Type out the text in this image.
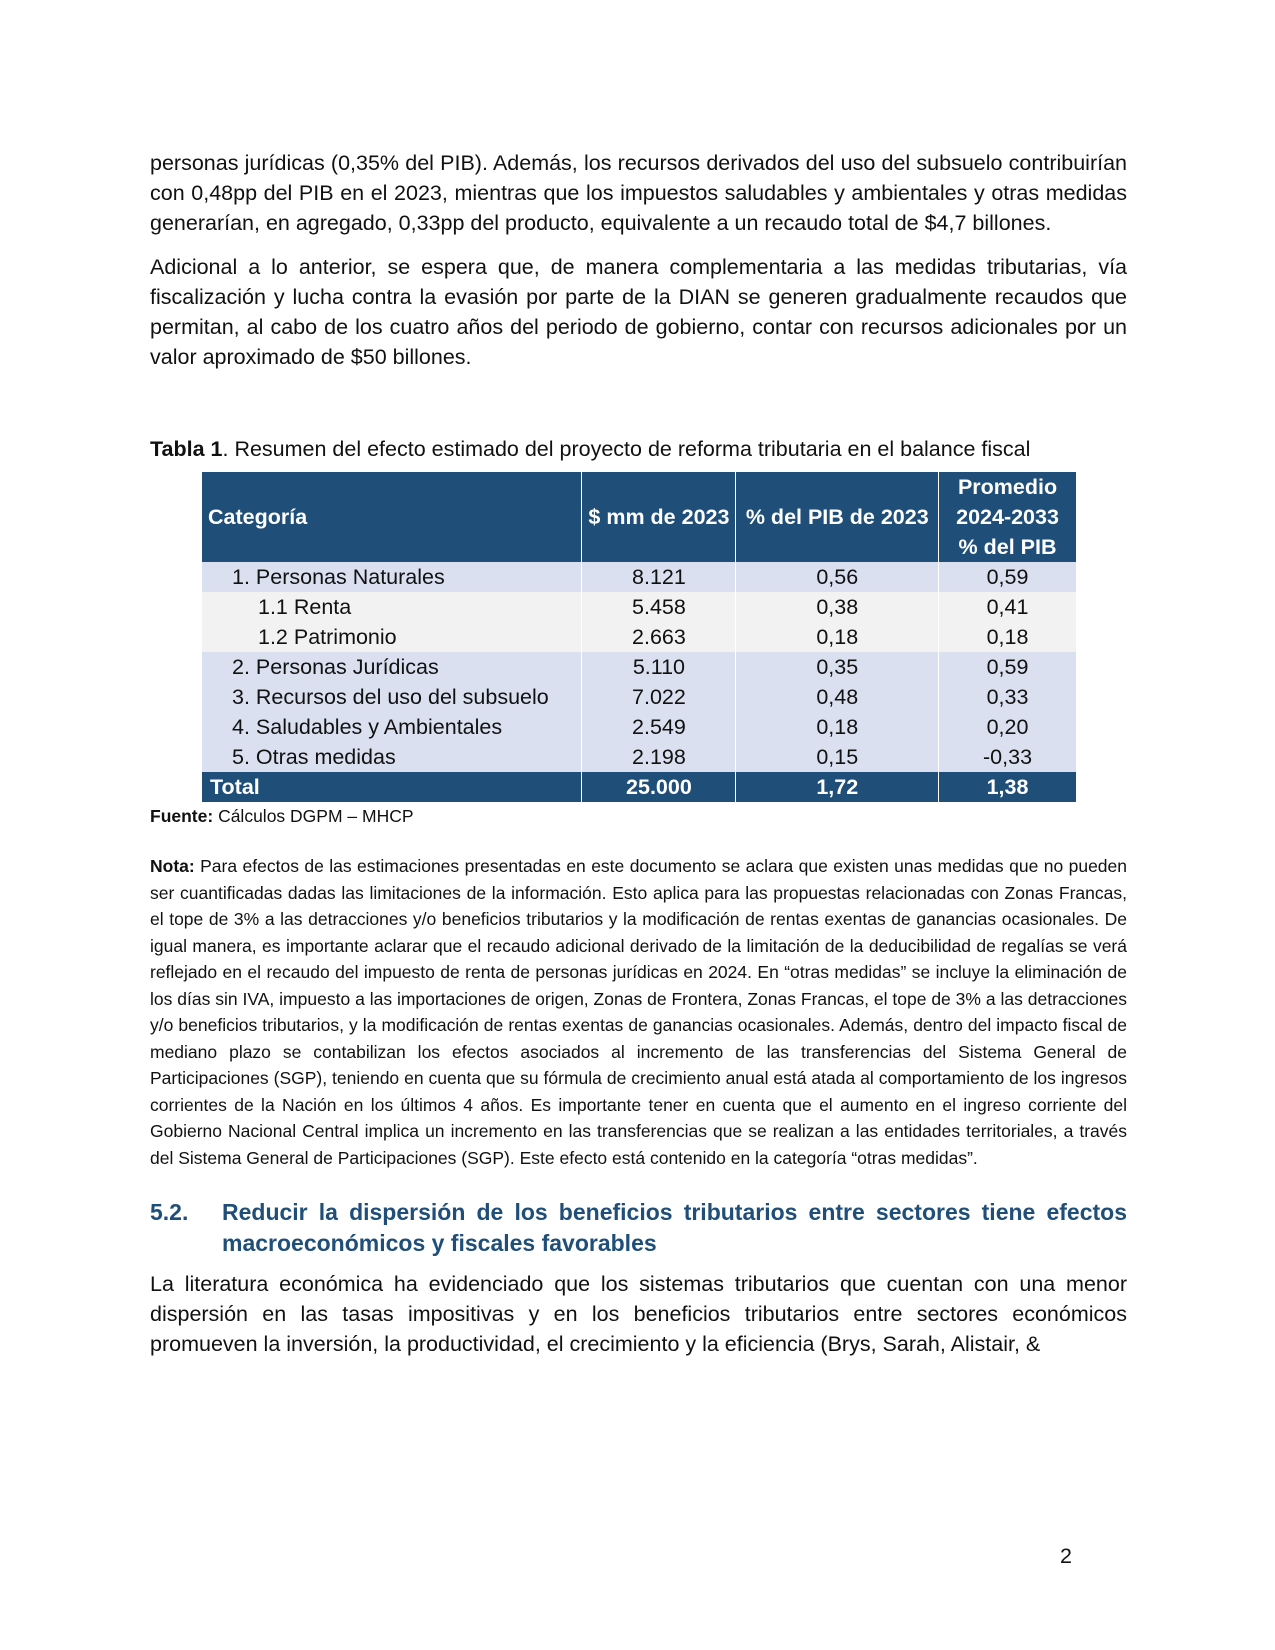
personas jurídicas (0,35% del PIB). Además, los recursos derivados del uso del subsuelo contribuirían con 0,48pp del PIB en el 2023, mientras que los impuestos saludables y ambientales y otras medidas generarían, en agregado, 0,33pp del producto, equivalente a un recaudo total de $4,7 billones.

Adicional a lo anterior, se espera que, de manera complementaria a las medidas tributarias, vía fiscalización y lucha contra la evasión por parte de la DIAN se generen gradualmente recaudos que permitan, al cabo de los cuatro años del periodo de gobierno, contar con recursos adicionales por un valor aproximado de $50 billones.

Tabla 1. Resumen del efecto estimado del proyecto de reforma tributaria en el balance fiscal
Categoría	$ mm de 2023	% del PIB de 2023	Promedio 2024-2033 % del PIB
1. Personas Naturales	8.121	0,56	0,59
1.1 Renta	5.458	0,38	0,41
1.2 Patrimonio	2.663	0,18	0,18
2. Personas Jurídicas	5.110	0,35	0,59
3. Recursos del uso del subsuelo	7.022	0,48	0,33
4. Saludables y Ambientales	2.549	0,18	0,20
5. Otras medidas	2.198	0,15	-0,33
Total	25.000	1,72	1,38
Fuente: Cálculos DGPM – MHCP
Nota: Para efectos de las estimaciones presentadas en este documento se aclara que existen unas medidas que no pueden ser cuantificadas dadas las limitaciones de la información. Esto aplica para las propuestas relacionadas con Zonas Francas, el tope de 3% a las detracciones y/o beneficios tributarios y la modificación de rentas exentas de ganancias ocasionales. De igual manera, es importante aclarar que el recaudo adicional derivado de la limitación de la deducibilidad de regalías se verá reflejado en el recaudo del impuesto de renta de personas jurídicas en 2024. En “otras medidas” se incluye la eliminación de los días sin IVA, impuesto a las importaciones de origen, Zonas de Frontera, Zonas Francas, el tope de 3% a las detracciones y/o beneficios tributarios, y la modificación de rentas exentas de ganancias ocasionales. Además, dentro del impacto fiscal de mediano plazo se contabilizan los efectos asociados al incremento de las transferencias del Sistema General de Participaciones (SGP), teniendo en cuenta que su fórmula de crecimiento anual está atada al comportamiento de los ingresos corrientes de la Nación en los últimos 4 años. Es importante tener en cuenta que el aumento en el ingreso corriente del Gobierno Nacional Central implica un incremento en las transferencias que se realizan a las entidades territoriales, a través del Sistema General de Participaciones (SGP). Este efecto está contenido en la categoría “otras medidas”.
5.2.	Reducir la dispersión de los beneficios tributarios entre sectores tiene efectos macroeconómicos y fiscales favorables

La literatura económica ha evidenciado que los sistemas tributarios que cuentan con una menor dispersión en las tasas impositivas y en los beneficios tributarios entre sectores económicos promueven la inversión, la productividad, el crecimiento y la eficiencia (Brys, Sarah, Alistair, &

2
